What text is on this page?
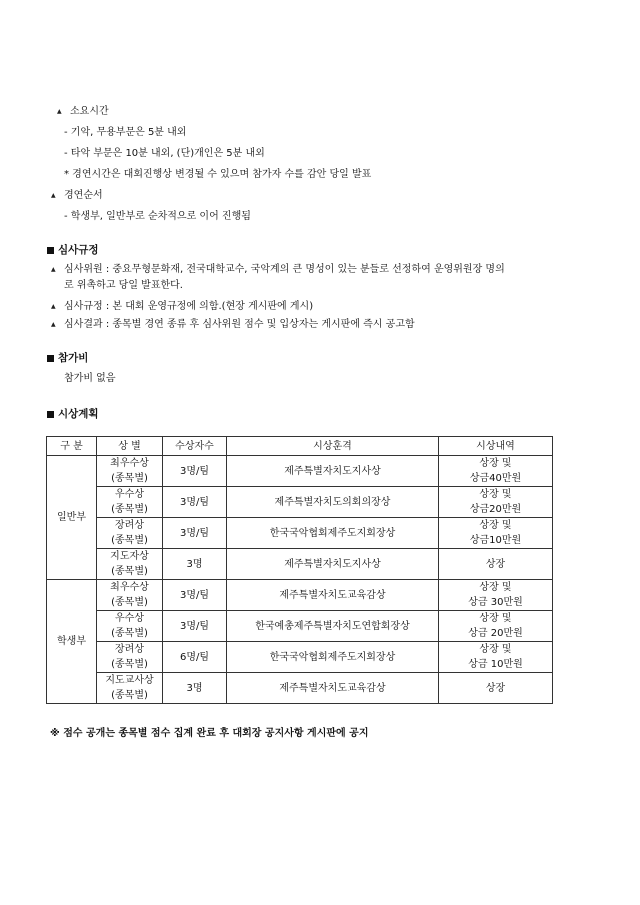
▲ 소요시간
- 기악, 무용부문은 5분 내외
- 타악 부문은 10분 내외, (단)개인은 5분 내외
* 경연시간은 대회진행상 변경될 수 있으며 참가자 수를 감안 당일 발표
▲ 경연순서
- 학생부, 일반부로 순차적으로 이어 진행됨
심사규정
▲ 심사위원 : 중요무형문화재, 전국대학교수, 국악계의 큰 명성이 있는 분들로 선정하여 운영위원장 명의
로 위촉하고 당일 발표한다.
▲ 심사규정 : 본 대회 운영규정에 의함.(현장 게시판에 게시)
▲ 심사결과 : 종목별 경연 종류 후 심사위원 점수 및 입상자는 게시판에 즉시 공고함
참가비
참가비 없음
시상계획
구 분	상 별	수상자수	시상훈격	시상내역
일반부	최우수상
(종목별)	3명/팀	제주특별자치도지사상	상장 및
상금40만원

	우수상
(종목별)	3명/팀	제주특별자치도의회의장상	상장 및
상금20만원

	장려상
(종목별)	3명/팀	한국국악협회제주도지회장상	상장 및
상금10만원

	지도자상
(종목별)	3명	제주특별자치도지사상	상장

학생부	최우수상
(종목별)	3명/팀	제주특별자치도교육감상	상장 및
상금 30만원

	우수상
(종목별)	3명/팀	한국예총제주특별자치도연합회장상	상장 및
상금 20만원

	장려상
(종목별)	6명/팀	한국국악협회제주도지회장상	상장 및
상금 10만원

	지도교사상
(종목별)	3명	제주특별자치도교육감상	상장
※ 점수 공개는 종목별 점수 집계 완료 후 대회장 공지사항 게시판에 공지
